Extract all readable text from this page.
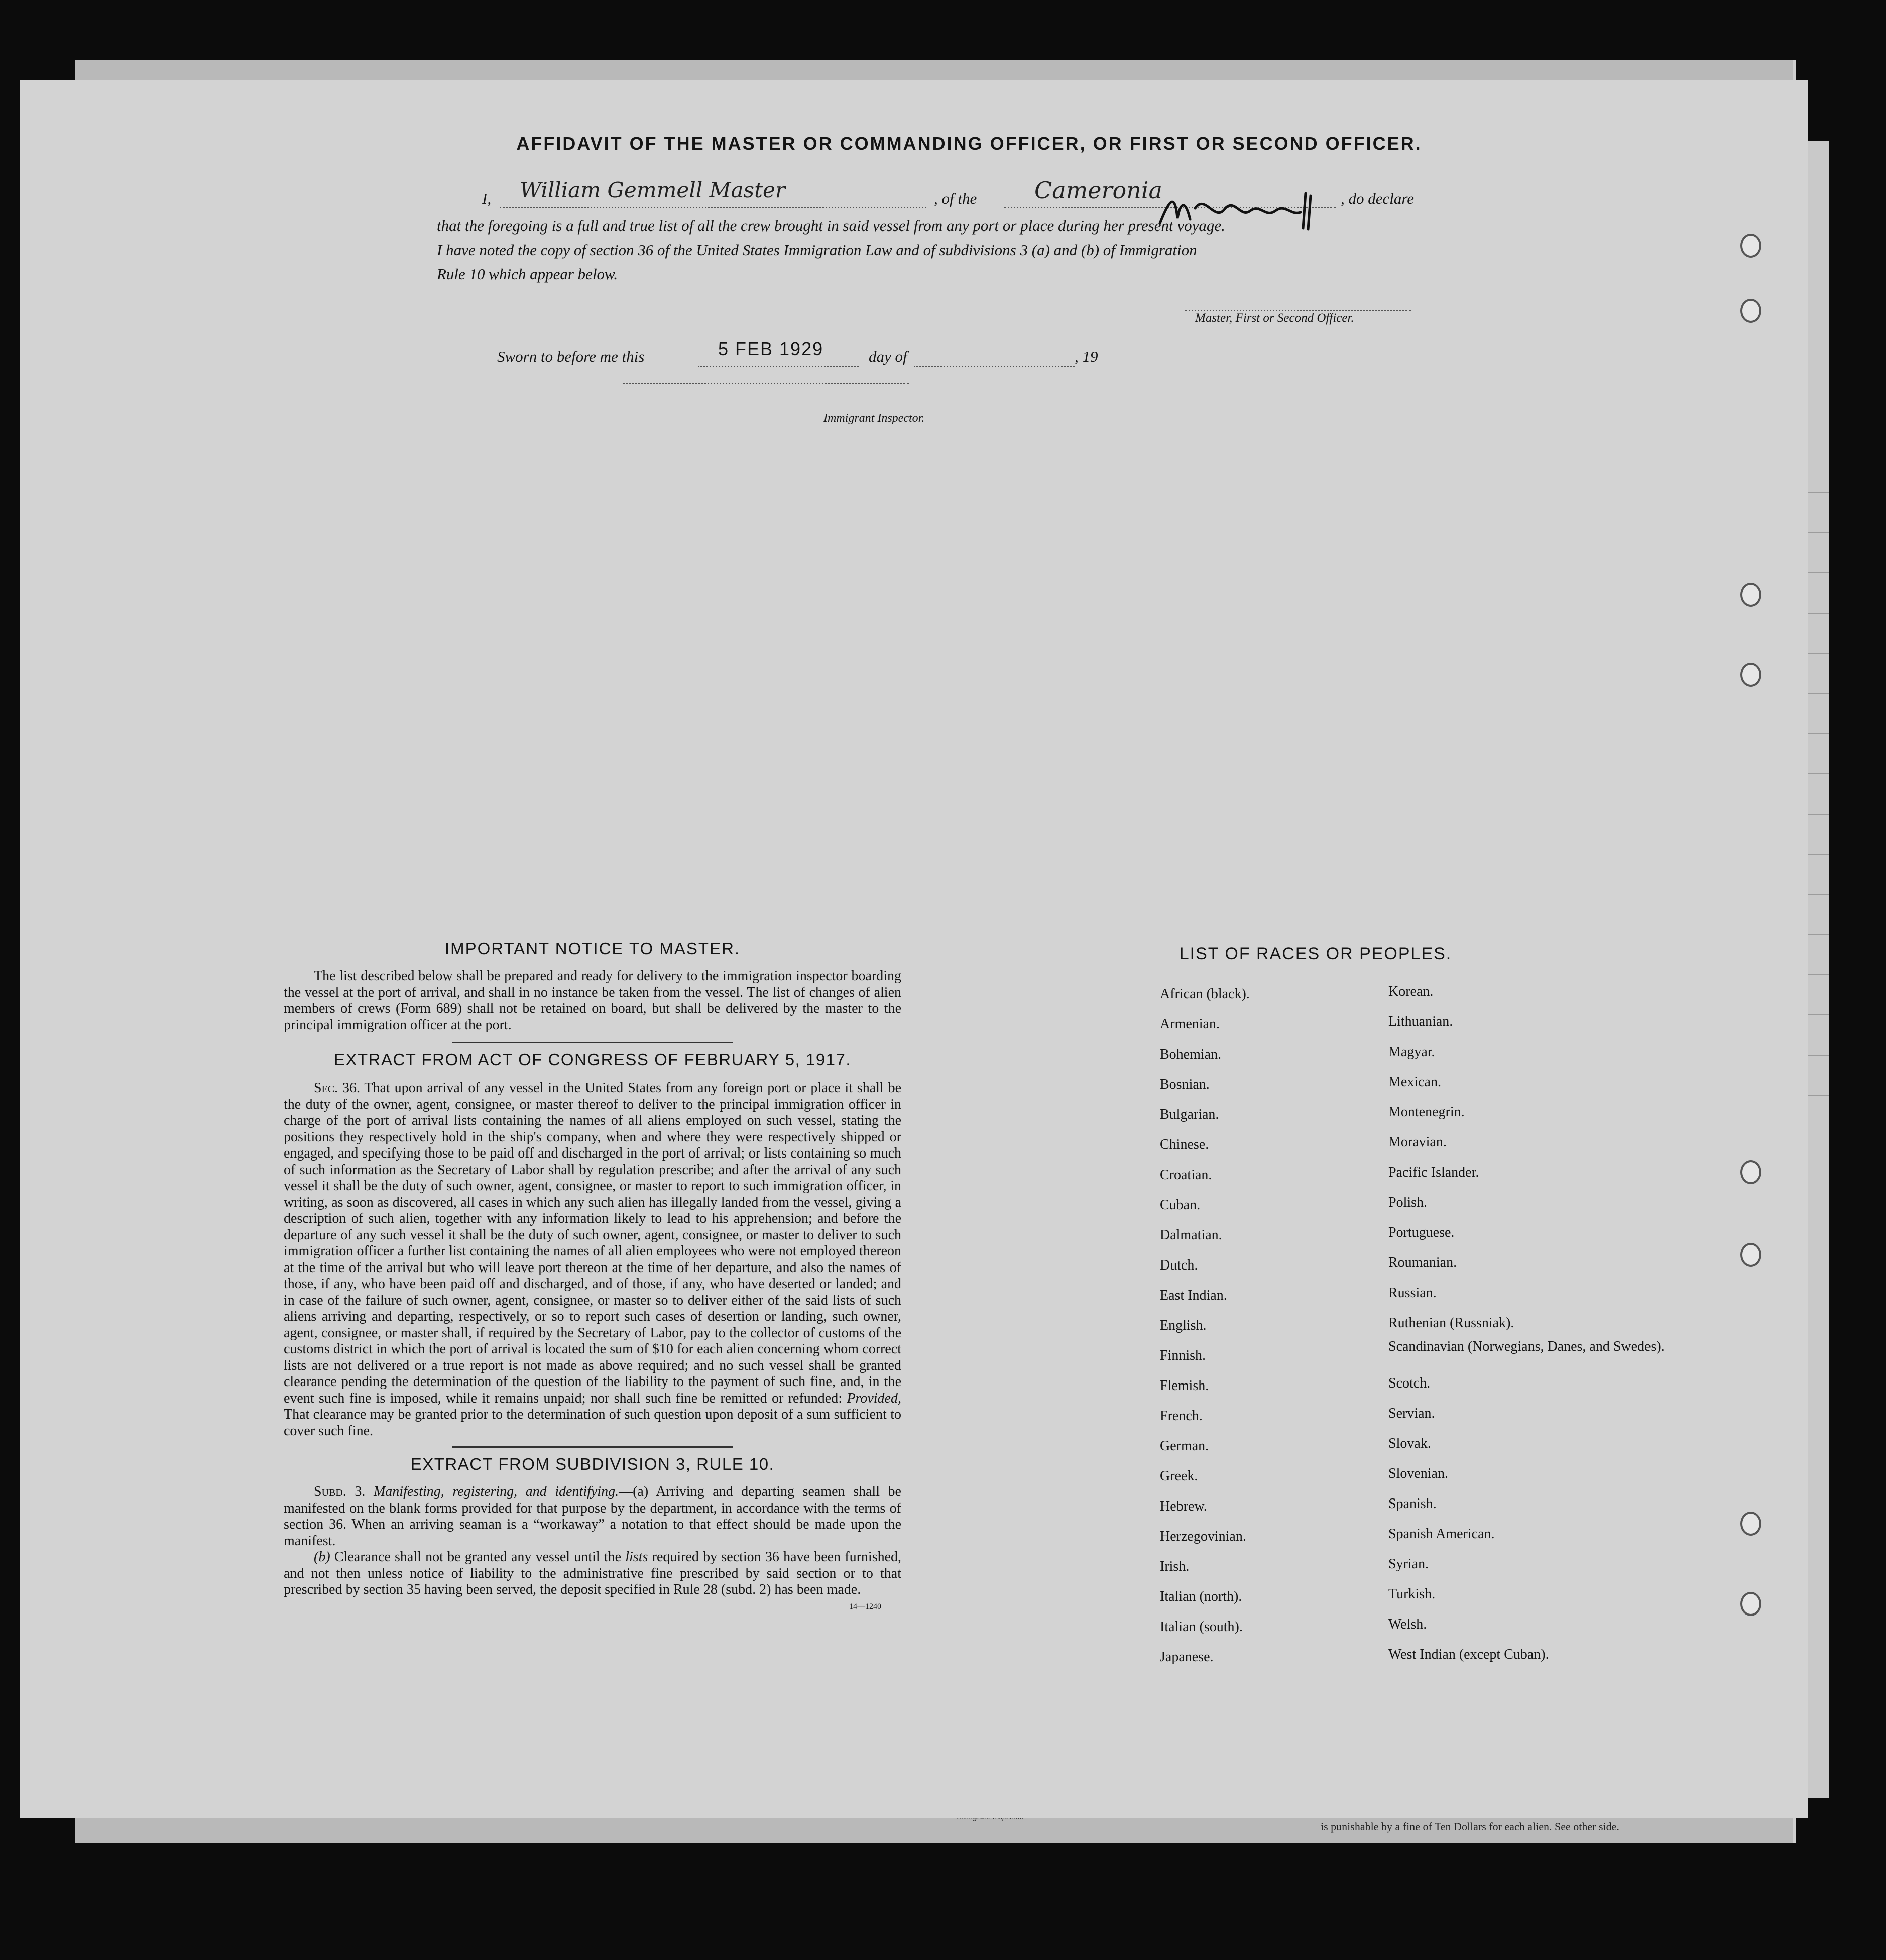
is punishable by a fine of Ten Dollars for each alien. See other side.
AFFIDAVIT OF THE MASTER OR COMMANDING OFFICER, OR FIRST OR SECOND OFFICER.
I, William Gemmell Master	, of the Cameronia	, do declare
that the foregoing is a full and true list of all the crew brought in said vessel from any port or place during her present voyage.
I have noted the copy of section 36 of the United States Immigration Law and of subdivisions 3 (a) and (b) of Immigration
Rule 10 which appear below.
Master, First or Second Officer.
Sworn to before me this	5 FEB 1929	day of	, 19
Immigrant Inspector.
IMPORTANT NOTICE TO MASTER.

The list described below shall be prepared and ready for delivery to the immigration inspector boarding the vessel at the port of arrival, and shall in no instance be taken from the vessel. The list of changes of alien members of crews (Form 689) shall not be retained on board, but shall be delivered by the master to the principal immigration officer at the port.

EXTRACT FROM ACT OF CONGRESS OF FEBRUARY 5, 1917.

Sec. 36. That upon arrival of any vessel in the United States from any foreign port or place it shall be the duty of the owner, agent, consignee, or master thereof to deliver to the principal immigration officer in charge of the port of arrival lists containing the names of all aliens employed on such vessel, stating the positions they respectively hold in the ship's company, when and where they were respectively shipped or engaged, and specifying those to be paid off and discharged in the port of arrival; or lists containing so much of such information as the Secretary of Labor shall by regulation prescribe; and after the arrival of any such vessel it shall be the duty of such owner, agent, consignee, or master to report to such immigration officer, in writing, as soon as discovered, all cases in which any such alien has illegally landed from the vessel, giving a description of such alien, together with any information likely to lead to his apprehension; and before the departure of any such vessel it shall be the duty of such owner, agent, consignee, or master to deliver to such immigration officer a further list containing the names of all alien employees who were not employed thereon at the time of the arrival but who will leave port thereon at the time of her departure, and also the names of those, if any, who have been paid off and discharged, and of those, if any, who have deserted or landed; and in case of the failure of such owner, agent, consignee, or master so to deliver either of the said lists of such aliens arriving and departing, respectively, or so to report such cases of desertion or landing, such owner, agent, consignee, or master shall, if required by the Secretary of Labor, pay to the collector of customs of the customs district in which the port of arrival is located the sum of $10 for each alien concerning whom correct lists are not delivered or a true report is not made as above required; and no such vessel shall be granted clearance pending the determination of the question of the liability to the payment of such fine, and, in the event such fine is imposed, while it remains unpaid; nor shall such fine be remitted or refunded: Provided, That clearance may be granted prior to the determination of such question upon deposit of a sum sufficient to cover such fine.

EXTRACT FROM SUBDIVISION 3, RULE 10.

Subd. 3. Manifesting, registering, and identifying.—(a) Arriving and departing seamen shall be manifested on the blank forms provided for that purpose by the department, in accordance with the terms of section 36. When an arriving seaman is a “workaway” a notation to that effect should be made upon the manifest.

(b) Clearance shall not be granted any vessel until the lists required by section 36 have been furnished, and not then unless notice of liability to the administrative fine prescribed by said section or to that prescribed by section 35 having been served, the deposit specified in Rule 28 (subd. 2) has been made.

14—1240
LIST OF RACES OR PEOPLES.
African (black).
Armenian.
Bohemian.
Bosnian.
Bulgarian.
Chinese.
Croatian.
Cuban.
Dalmatian.
Dutch.
East Indian.
English.
Finnish.
Flemish.
French.
German.
Greek.
Hebrew.
Herzegovinian.
Irish.
Italian (north).
Italian (south).
Japanese.
Korean.
Lithuanian.
Magyar.
Mexican.
Montenegrin.
Moravian.
Pacific Islander.
Polish.
Portuguese.
Roumanian.
Russian.
Ruthenian (Russniak).
Scandinavian (Norwegians, Danes, and Swedes).
Scotch.
Servian.
Slovak.
Slovenian.
Spanish.
Spanish American.
Syrian.
Turkish.
Welsh.
West Indian (except Cuban).
